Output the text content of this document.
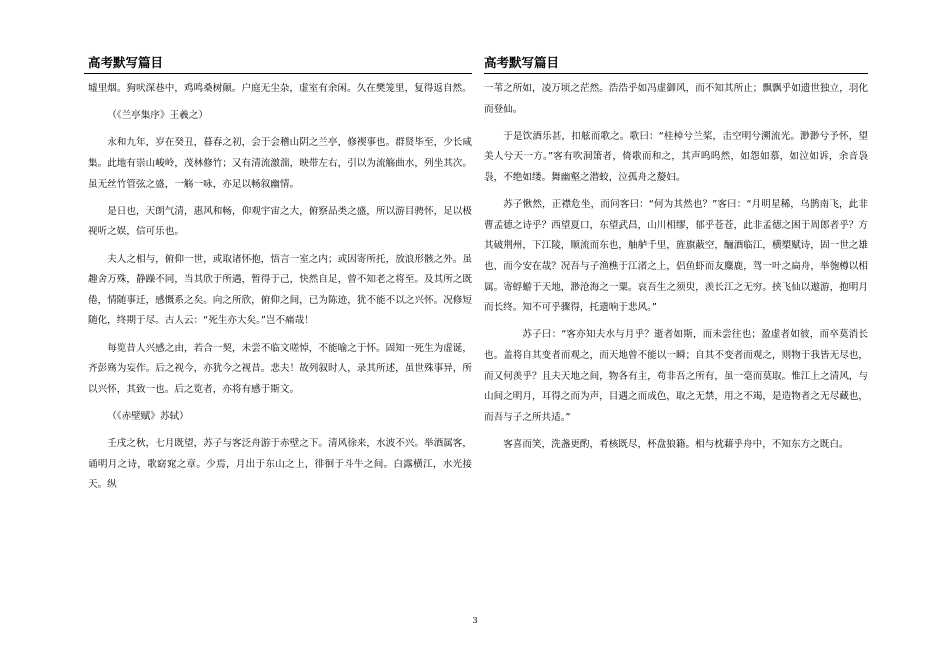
高考默写篇目

墟里烟。狗吠深巷中，鸡鸣桑树颠。户庭无尘杂，虚室有余闲。久在樊笼里，复得返自然。

（《兰亭集序》王羲之）

永和九年，岁在癸丑，暮春之初，会于会稽山阴之兰亭，修禊事也。群贤毕至，少长咸集。此地有崇山峻岭，茂林修竹；又有清流激湍，映带左右，引以为流觞曲水，列坐其次。虽无丝竹管弦之盛，一觞一咏，亦足以畅叙幽情。

是日也，天朗气清，惠风和畅，仰观宇宙之大，俯察品类之盛，所以游目骋怀，足以极视听之娱，信可乐也。

夫人之相与，俯仰一世，或取诸怀抱，悟言一室之内；或因寄所托，放浪形骸之外。虽趣舍万殊，静躁不同，当其欣于所遇，暂得于己，快然自足，曾不知老之将至。及其所之既倦，情随事迁，感慨系之矣。向之所欣，俯仰之间，已为陈迹，犹不能不以之兴怀。况修短随化，终期于尽。古人云：“死生亦大矣。”岂不痛哉！

每览昔人兴感之由，若合一契，未尝不临文嗟悼，不能喻之于怀。固知一死生为虚诞，齐彭殇为妄作。后之视今，亦犹今之视昔。悲夫！故列叙时人，录其所述，虽世殊事异，所以兴怀，其致一也。后之览者，亦将有感于斯文。

（《赤壁赋》苏轼）

壬戌之秋，七月既望，苏子与客泛舟游于赤壁之下。清风徐来，水波不兴。举酒属客，诵明月之诗，歌窈窕之章。少焉，月出于东山之上，徘徊于斗牛之间。白露横江，水光接天。纵

高考默写篇目

一苇之所如，凌万顷之茫然。浩浩乎如冯虚御风，而不知其所止；飘飘乎如遗世独立，羽化而登仙。

于是饮酒乐甚，扣舷而歌之。歌曰：“桂棹兮兰桨，击空明兮溯流光。渺渺兮予怀，望美人兮天一方。”客有吹洞箫者，倚歌而和之，其声呜呜然，如怨如慕，如泣如诉，余音袅袅，不绝如缕。舞幽壑之潜蛟，泣孤舟之嫠妇。

苏子愀然，正襟危坐，而问客曰：“何为其然也？”客曰：“月明星稀，乌鹊南飞，此非曹孟德之诗乎？西望夏口，东望武昌，山川相缪，郁乎苍苍，此非孟德之困于周郎者乎？方其破荆州，下江陵，顺流而东也，舳舻千里，旌旗蔽空，酾酒临江，横槊赋诗，固一世之雄也，而今安在哉？况吾与子渔樵于江渚之上，侣鱼虾而友麋鹿，驾一叶之扁舟，举匏樽以相属。寄蜉蝣于天地，渺沧海之一粟。哀吾生之须臾，羡长江之无穷。挟飞仙以遨游，抱明月而长终。知不可乎骤得，托遗响于悲风。”

苏子曰：“客亦知夫水与月乎？逝者如斯，而未尝往也；盈虚者如彼，而卒莫消长也。盖将自其变者而观之，而天地曾不能以一瞬；自其不变者而观之，则物于我皆无尽也，而又何羡乎？且夫天地之间，物各有主，苟非吾之所有，虽一毫而莫取。惟江上之清风，与山间之明月，耳得之而为声，目遇之而成色，取之无禁，用之不竭，是造物者之无尽藏也，而吾与子之所共适。”

客喜而笑，洗盏更酌，肴核既尽，杯盘狼籍。相与枕藉乎舟中，不知东方之既白。

3
